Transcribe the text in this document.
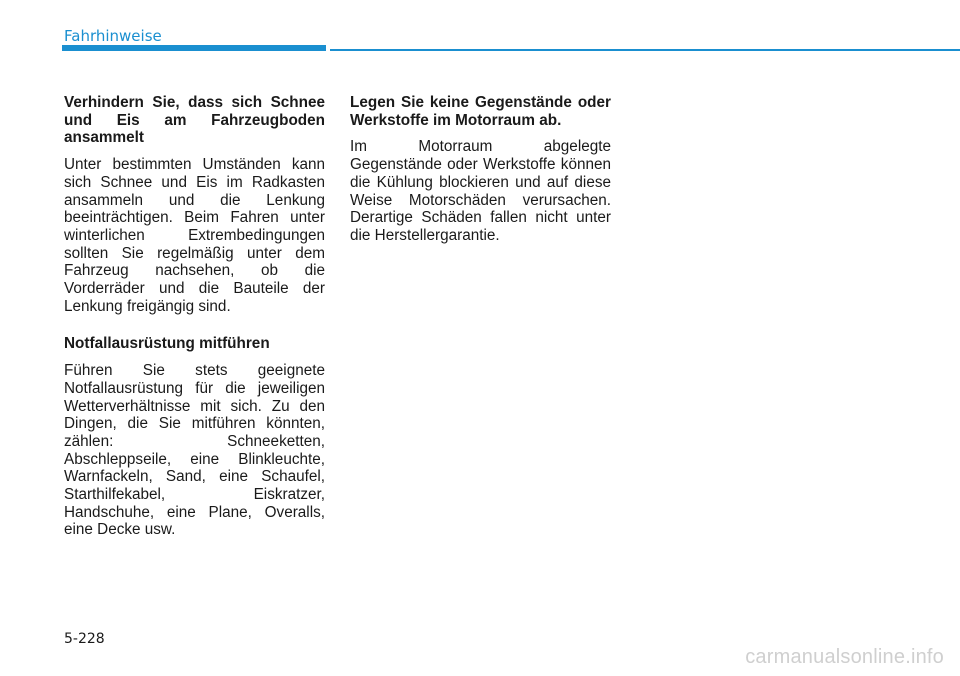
Fahrhinweise

Verhindern Sie, dass sich Schnee und Eis am Fahrzeugboden ansammelt

Unter bestimmten Umständen kann sich Schnee und Eis im Radkasten ansammeln und die Lenkung beeinträchtigen. Beim Fahren unter winterlichen Extrembedingungen sollten Sie regelmäßig unter dem Fahrzeug nachsehen, ob die Vorderräder und die Bauteile der Lenkung freigängig sind.

Notfallausrüstung mitführen

Führen Sie stets geeignete Notfallausrüstung für die jeweiligen Wetterverhältnisse mit sich. Zu den Dingen, die Sie mitführen könnten, zählen: Schneeketten, Abschleppseile, eine Blinkleuchte, Warnfackeln, Sand, eine Schaufel, Starthilfekabel, Eiskratzer, Handschuhe, eine Plane, Overalls, eine Decke usw.

Legen Sie keine Gegenstände oder Werkstoffe im Motorraum ab.

Im Motorraum abgelegte Gegenstände oder Werkstoffe können die Kühlung blockieren und auf diese Weise Motorschäden verursachen. Derartige Schäden fallen nicht unter die Herstellergarantie.

5-228
carmanualsonline.info
